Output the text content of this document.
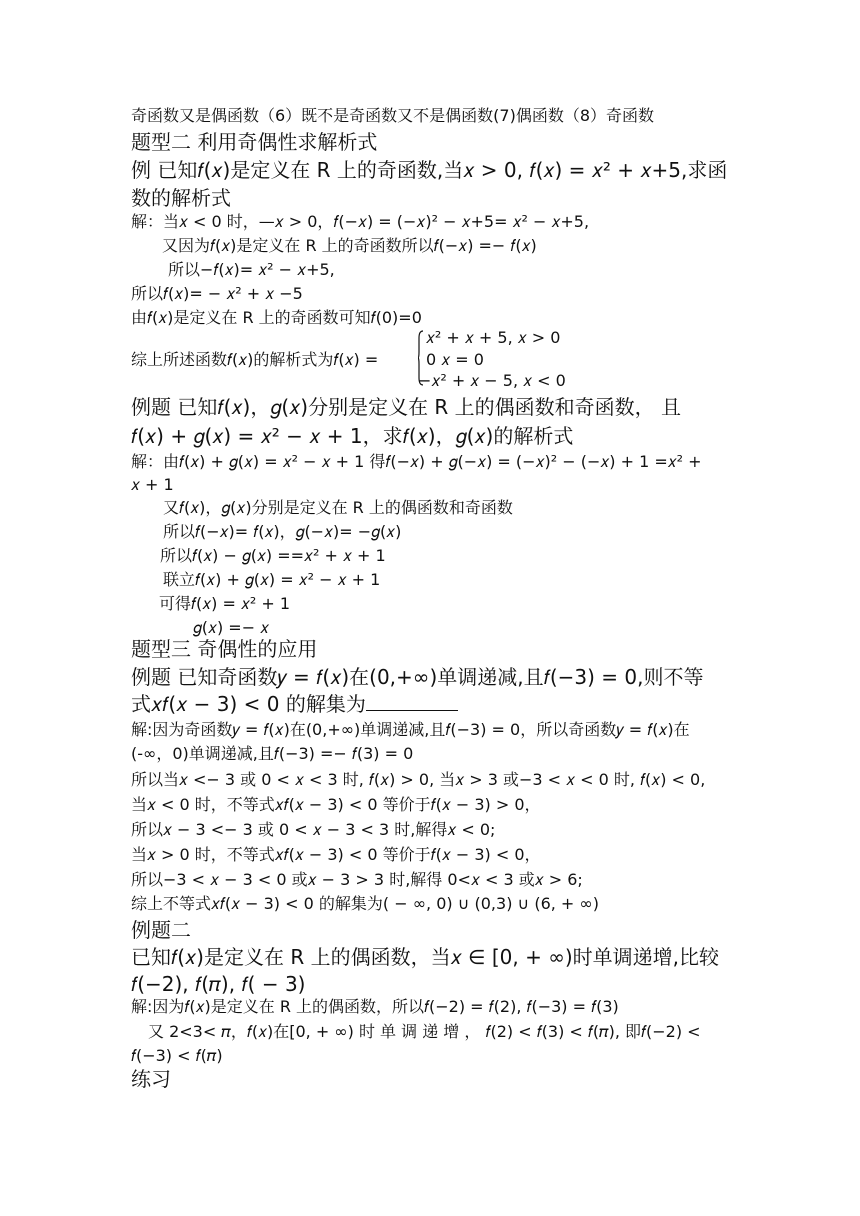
奇函数又是偶函数（6）既不是奇函数又不是偶函数(7)偶函数（8）奇函数
题型二 利用奇偶性求解析式
例 已知𝑓(𝑥)是定义在 R 上的奇函数,当𝑥 > 0, 𝑓(𝑥) = 𝑥² + 𝑥+5,求函
数的解析式
解：当𝑥 < 0 时，—𝑥 > 0，𝑓(−𝑥) = (−𝑥)² − 𝑥+5= 𝑥² − 𝑥+5,
又因为𝑓(𝑥)是定义在 R 上的奇函数所以𝑓(−𝑥) =− 𝑓(𝑥)
所以−𝑓(𝑥)= 𝑥² − 𝑥+5,
所以𝑓(𝑥)= − 𝑥² + 𝑥 −5
由𝑓(𝑥)是定义在 R 上的奇函数可知𝑓(0)=0
综上所述函数𝑓(𝑥)的解析式为𝑓(𝑥) =
𝑥² + 𝑥 + 5, 𝑥 > 0
0 𝑥 = 0
−𝑥² + 𝑥 − 5, 𝑥 < 0
例题 已知𝑓(𝑥)，𝑔(𝑥)分别是定义在 R 上的偶函数和奇函数， 且
𝑓(𝑥) + 𝑔(𝑥) = 𝑥² − 𝑥 + 1，求𝑓(𝑥)，𝑔(𝑥)的解析式
解：由𝑓(𝑥) + 𝑔(𝑥) = 𝑥² − 𝑥 + 1 得𝑓(−𝑥) + 𝑔(−𝑥) = (−𝑥)² − (−𝑥) + 1 =𝑥² +
𝑥 + 1
又𝑓(𝑥)，𝑔(𝑥)分别是定义在 R 上的偶函数和奇函数
所以𝑓(−𝑥)= 𝑓(𝑥)，𝑔(−𝑥)= −𝑔(𝑥)
所以𝑓(𝑥) − 𝑔(𝑥) ==𝑥² + 𝑥 + 1
联立𝑓(𝑥) + 𝑔(𝑥) = 𝑥² − 𝑥 + 1
可得𝑓(𝑥) = 𝑥² + 1
𝑔(𝑥) =− 𝑥
题型三 奇偶性的应用
例题 已知奇函数𝑦 = 𝑓(𝑥)在(0,+∞)单调递减,且𝑓(−3) = 0,则不等
式𝑥𝑓(𝑥 − 3) < 0 的解集为
解:因为奇函数𝑦 = 𝑓(𝑥)在(0,+∞)单调递减,且𝑓(−3) = 0，所以奇函数𝑦 = 𝑓(𝑥)在
(-∞，0)单调递减,且𝑓(−3) =− 𝑓(3) = 0
所以当𝑥 <− 3 或 0 < 𝑥 < 3 时, 𝑓(𝑥) > 0, 当𝑥 > 3 或−3 < 𝑥 < 0 时, 𝑓(𝑥) < 0,
当𝑥 < 0 时，不等式𝑥𝑓(𝑥 − 3) < 0 等价于𝑓(𝑥 − 3) > 0，
所以𝑥 − 3 <− 3 或 0 < 𝑥 − 3 < 3 时,解得𝑥 < 0;
当𝑥 > 0 时，不等式𝑥𝑓(𝑥 − 3) < 0 等价于𝑓(𝑥 − 3) < 0，
所以−3 < 𝑥 − 3 < 0 或𝑥 − 3 > 3 时,解得 0<𝑥 < 3 或𝑥 > 6;
综上不等式𝑥𝑓(𝑥 − 3) < 0 的解集为( − ∞, 0) ∪ (0,3) ∪ (6, + ∞)
例题二
已知𝑓(𝑥)是定义在 R 上的偶函数，当𝑥 ∈ [0, + ∞)时单调递增,比较
𝑓(−2), 𝑓(𝜋), 𝑓( − 3)
解:因为𝑓(𝑥)是定义在 R 上的偶函数，所以𝑓(−2) = 𝑓(2), 𝑓(−3) = 𝑓(3)
又 2<3< 𝜋，𝑓(𝑥)在[0, + ∞) 时 单 调 递 增 ， 𝑓(2) < 𝑓(3) < 𝑓(𝜋), 即𝑓(−2) <
𝑓(−3) < 𝑓(𝜋)
练习
